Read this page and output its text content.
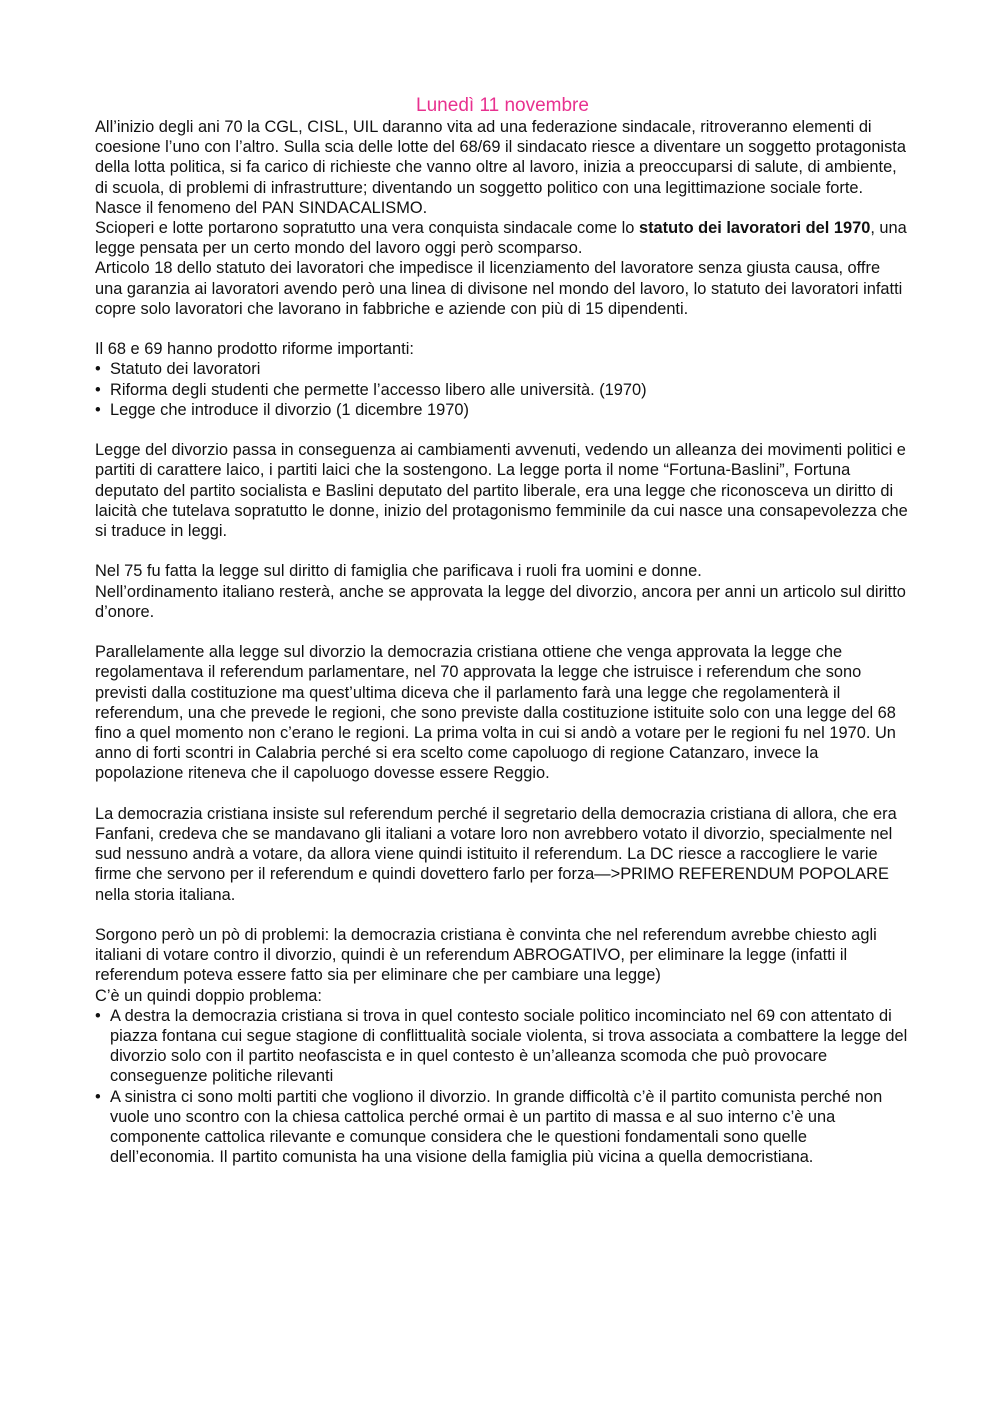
Lunedì 11 novembre

All’inizio degli ani 70 la CGL, CISL, UIL daranno vita ad una federazione sindacale, ritroveranno elementi di coesione l’uno con l’altro. Sulla scia delle lotte del 68/69 il sindacato riesce a diventare un soggetto protagonista della lotta politica, si fa carico di richieste che vanno oltre al lavoro, inizia a preoccuparsi di salute, di ambiente, di scuola, di problemi di infrastrutture; diventando un soggetto politico con una legittimazione sociale forte. Nasce il fenomeno del PAN SINDACALISMO.

Scioperi e lotte portarono sopratutto una vera conquista sindacale come lo statuto dei lavoratori del 1970, una legge pensata per un certo mondo del lavoro oggi però scomparso.

Articolo 18 dello statuto dei lavoratori che impedisce il licenziamento del lavoratore senza giusta causa, offre una garanzia ai lavoratori avendo però una linea di divisone nel mondo del lavoro, lo statuto dei lavoratori infatti copre solo lavoratori che lavorano in fabbriche e aziende con più di 15 dipendenti.

Il 68 e 69 hanno prodotto riforme importanti:

• Statuto dei lavoratori
• Riforma degli studenti che permette l’accesso libero alle università. (1970)
• Legge che introduce il divorzio (1 dicembre 1970)

Legge del divorzio passa in conseguenza ai cambiamenti avvenuti, vedendo un alleanza dei movimenti politici e partiti di carattere laico, i partiti laici che la sostengono. La legge porta il nome “Fortuna-Baslini”, Fortuna deputato del partito socialista e Baslini deputato del partito liberale, era una legge che riconosceva un diritto di laicità che tutelava sopratutto le donne, inizio del protagonismo femminile da cui nasce una consapevolezza che si traduce in leggi.

Nel 75 fu fatta la legge sul diritto di famiglia che parificava i ruoli fra uomini e donne.

Nell’ordinamento italiano resterà, anche se approvata la legge del divorzio, ancora per anni un articolo sul diritto d’onore.

Parallelamente alla legge sul divorzio la democrazia cristiana ottiene che venga approvata la legge che regolamentava il referendum parlamentare, nel 70 approvata la legge che istruisce i referendum che sono previsti dalla costituzione ma quest’ultima diceva che il parlamento farà una legge che regolamenterà il referendum, una che prevede le regioni, che sono previste dalla costituzione istituite solo con una legge del 68 fino a quel momento non c’erano le regioni. La prima volta in cui si andò a votare per le regioni fu nel 1970. Un anno di forti scontri in Calabria perché si era scelto come capoluogo di regione Catanzaro, invece la popolazione riteneva che il capoluogo dovesse essere Reggio.

La democrazia cristiana insiste sul referendum perché il segretario della democrazia cristiana di allora, che era Fanfani, credeva che se mandavano gli italiani a votare loro non avrebbero votato il divorzio, specialmente nel sud nessuno andrà a votare, da allora viene quindi istituito il referendum. La DC riesce a raccogliere le varie firme che servono per il referendum e quindi dovettero farlo per forza—>PRIMO REFERENDUM POPOLARE nella storia italiana.

Sorgono però un pò di problemi: la democrazia cristiana è convinta che nel referendum avrebbe chiesto agli italiani di votare contro il divorzio, quindi è un referendum ABROGATIVO, per eliminare la legge (infatti il referendum poteva essere fatto sia per eliminare che per cambiare una legge)

C’è un quindi doppio problema:

• A destra la democrazia cristiana si trova in quel contesto sociale politico incominciato nel 69 con attentato di piazza fontana cui segue stagione di conflittualità sociale violenta, si trova associata a combattere la legge del divorzio solo con il partito neofascista e in quel contesto è un’alleanza scomoda che può provocare conseguenze politiche rilevanti
• A sinistra ci sono molti partiti che vogliono il divorzio. In grande difficoltà c’è il partito comunista perché non vuole uno scontro con la chiesa cattolica perché ormai è un partito di massa e al suo interno c’è una componente cattolica rilevante e comunque considera che le questioni fondamentali sono quelle dell’economia. Il partito comunista ha una visione della famiglia più vicina a quella democristiana.
